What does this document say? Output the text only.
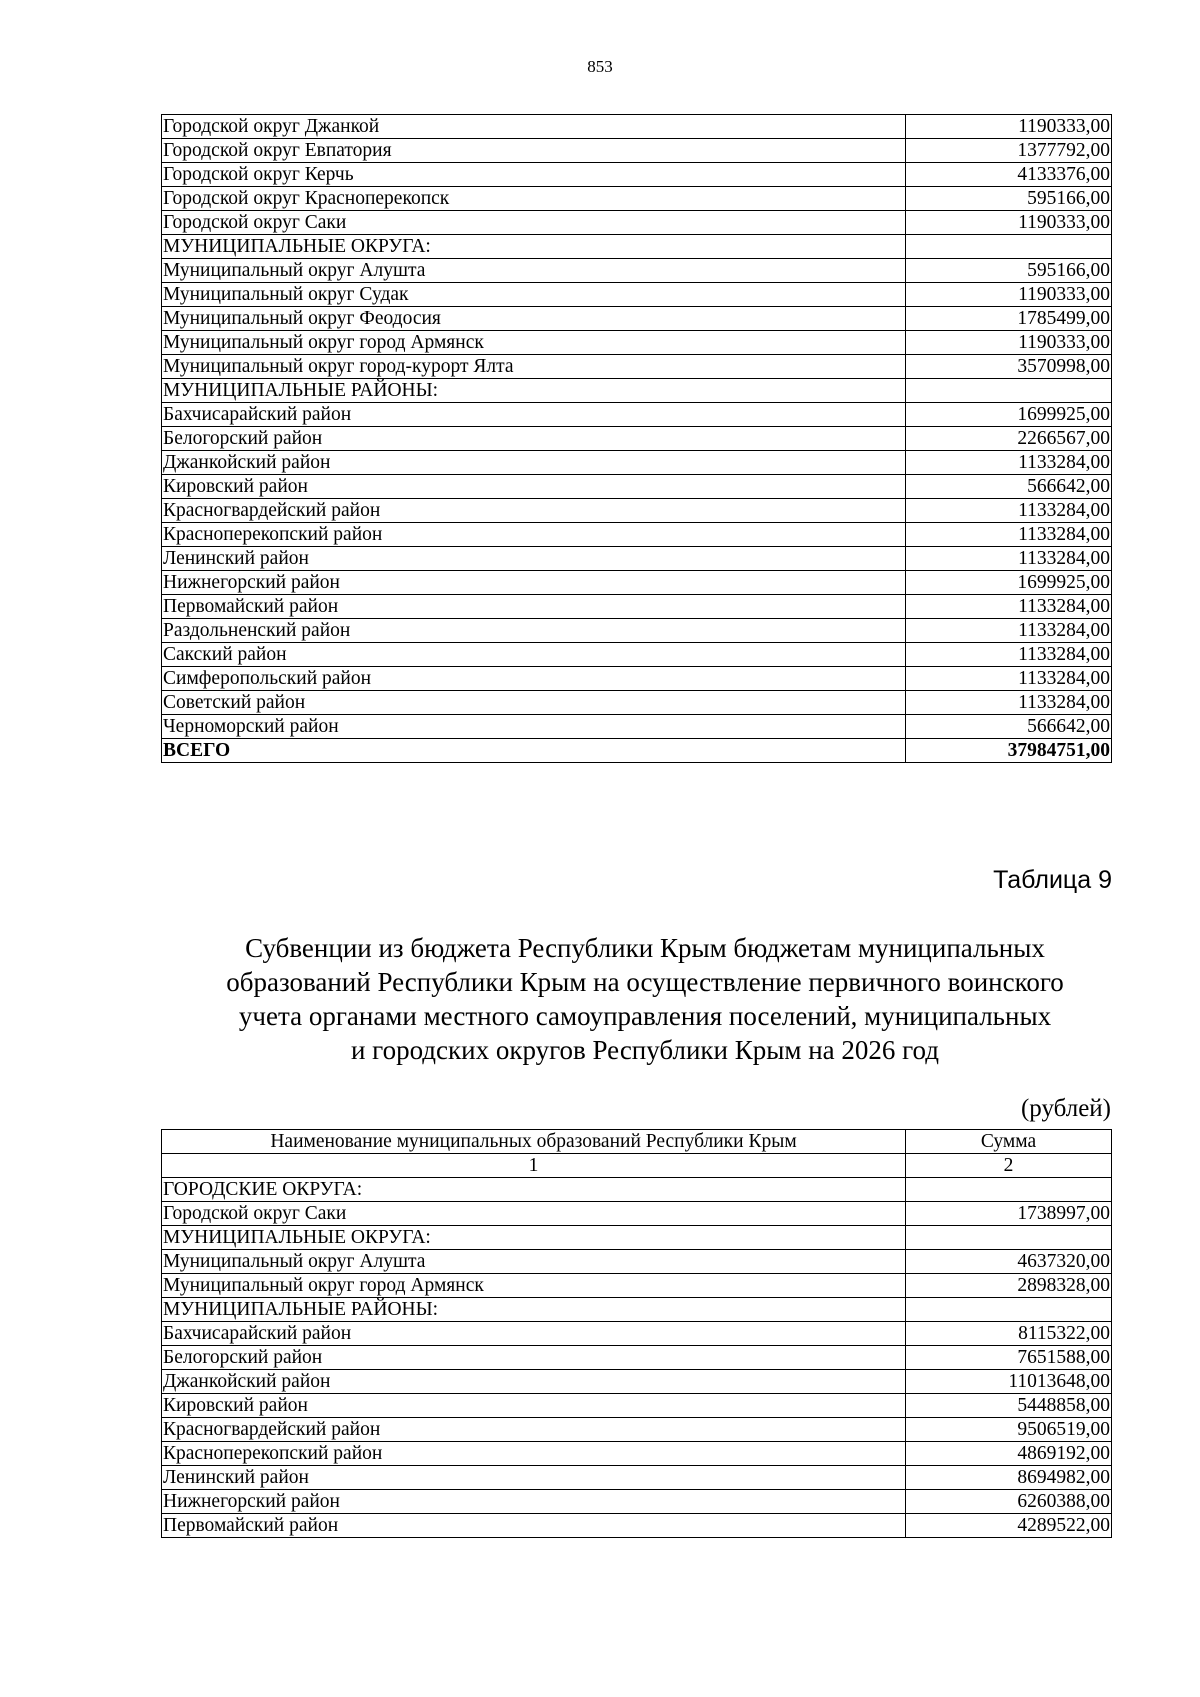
853
Городской округ Джанкой	1190333,00
Городской округ Евпатория	1377792,00
Городской округ Керчь	4133376,00
Городской округ Красноперекопск	595166,00
Городской округ Саки	1190333,00
МУНИЦИПАЛЬНЫЕ ОКРУГА:	
Муниципальный округ Алушта	595166,00
Муниципальный округ Судак	1190333,00
Муниципальный округ Феодосия	1785499,00
Муниципальный округ город Армянск	1190333,00
Муниципальный округ город-курорт Ялта	3570998,00
МУНИЦИПАЛЬНЫЕ РАЙОНЫ:	
Бахчисарайский район	1699925,00
Белогорский район	2266567,00
Джанкойский район	1133284,00
Кировский район	566642,00
Красногвардейский район	1133284,00
Красноперекопский район	1133284,00
Ленинский район	1133284,00
Нижнегорский район	1699925,00
Первомайский район	1133284,00
Раздольненский район	1133284,00
Сакский район	1133284,00
Симферопольский район	1133284,00
Советский район	1133284,00
Черноморский район	566642,00
ВСЕГО	37984751,00
Таблица 9
Субвенции из бюджета Республики Крым бюджетам муниципальных
образований Республики Крым на осуществление первичного воинского
учета органами местного самоуправления поселений, муниципальных
и городских округов Республики Крым на 2026 год
(рублей)
Наименование муниципальных образований Республики Крым	Сумма
1	2
ГОРОДСКИЕ ОКРУГА:	
Городской округ Саки	1738997,00
МУНИЦИПАЛЬНЫЕ ОКРУГА:	
Муниципальный округ Алушта	4637320,00
Муниципальный округ город Армянск	2898328,00
МУНИЦИПАЛЬНЫЕ РАЙОНЫ:	
Бахчисарайский район	8115322,00
Белогорский район	7651588,00
Джанкойский район	11013648,00
Кировский район	5448858,00
Красногвардейский район	9506519,00
Красноперекопский район	4869192,00
Ленинский район	8694982,00
Нижнегорский район	6260388,00
Первомайский район	4289522,00
